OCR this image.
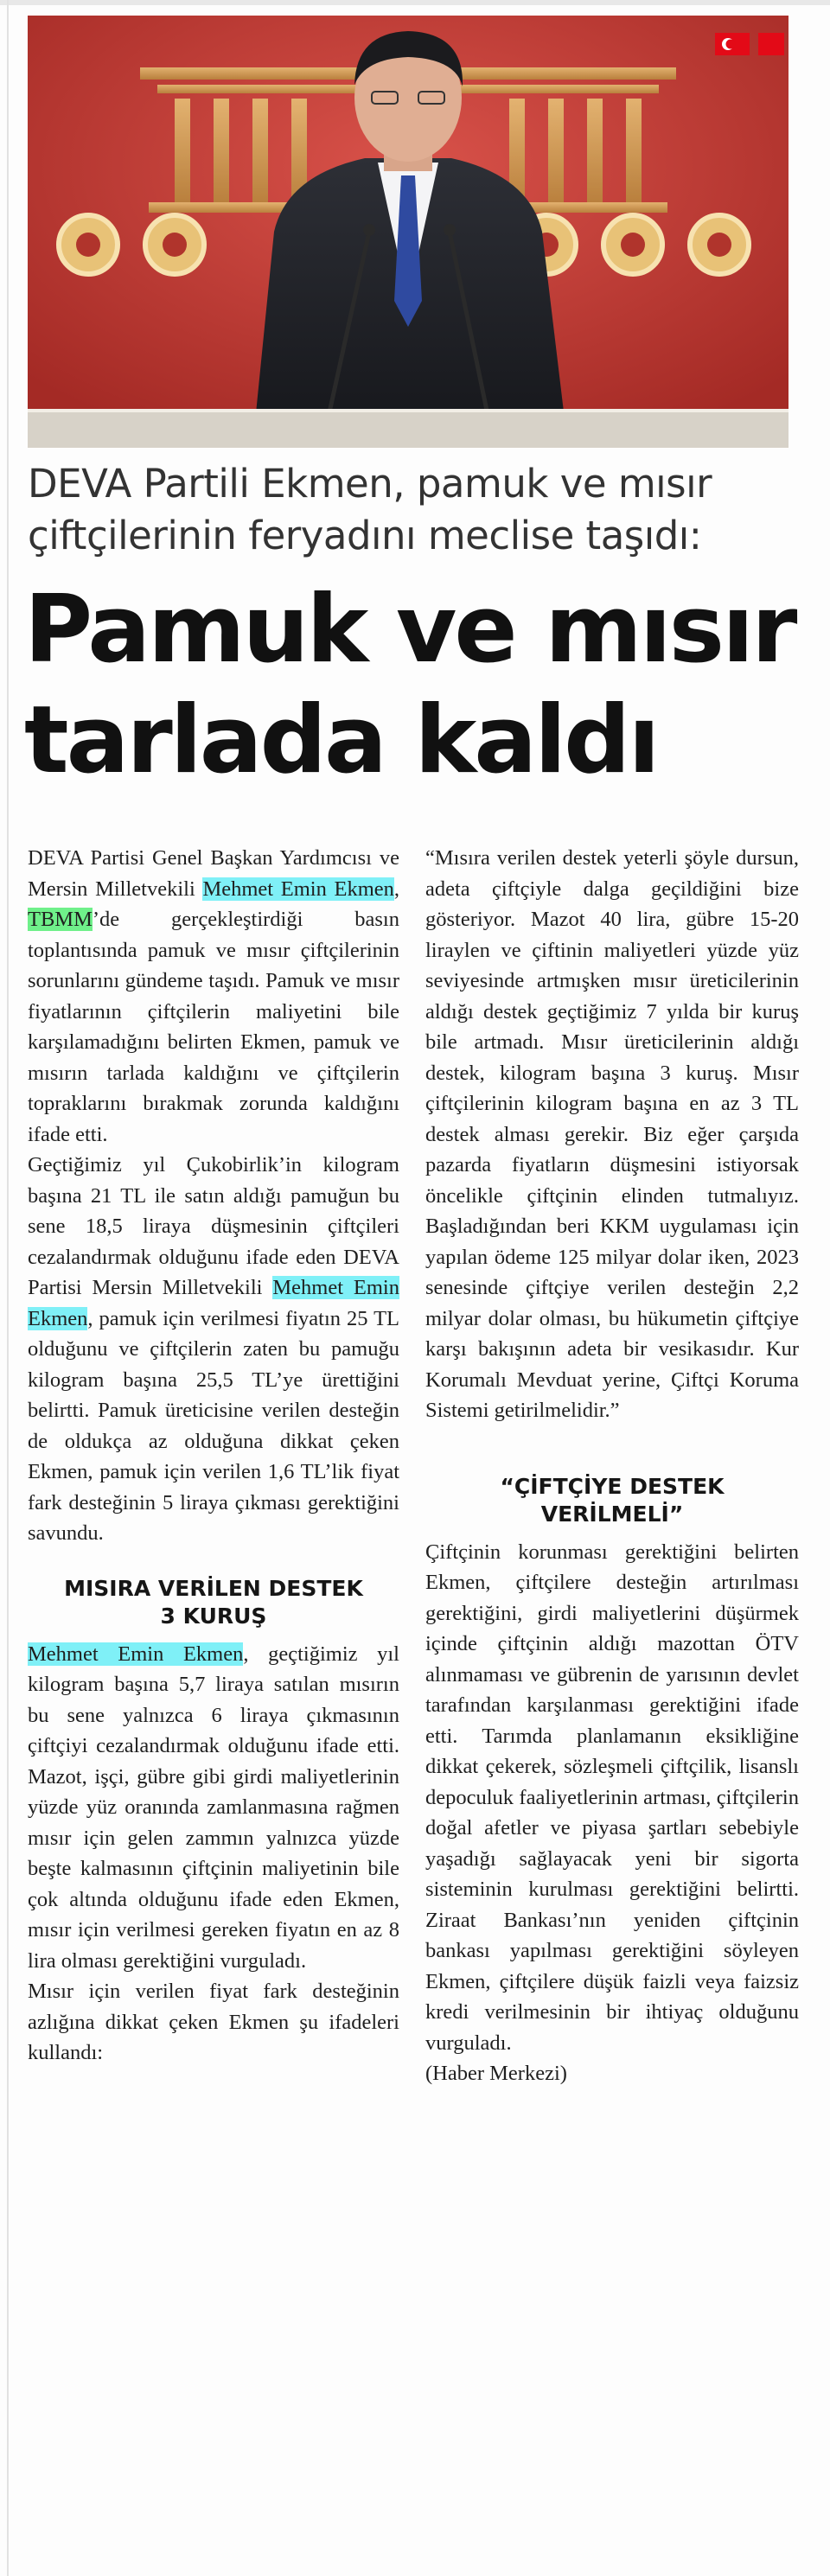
DEVA Partili Ekmen, pamuk ve mısır
çiftçilerinin feryadını meclise taşıdı:
Pamuk ve mısır
tarlada kaldı

DEVA Partisi Genel Başkan Yardımcısı ve Mersin Milletvekili Mehmet Emin Ekmen, TBMM’de gerçekleştirdiği basın toplantısında pamuk ve mısır çiftçilerinin sorunlarını gündeme taşıdı. Pamuk ve mısır fiyatlarının çiftçilerin maliyetini bile karşılamadığını belirten Ekmen, pamuk ve mısırın tarlada kaldığını ve çiftçilerin topraklarını bırakmak zorunda kaldığını ifade etti.

Geçtiğimiz yıl Çukobirlik’in kilogram başına 21 TL ile satın aldığı pamuğun bu sene 18,5 liraya düşmesinin çiftçileri cezalandırmak olduğunu ifade eden DEVA Partisi Mersin Milletvekili Mehmet Emin Ekmen, pamuk için verilmesi fiyatın 25 TL olduğunu ve çiftçilerin zaten bu pamuğu kilogram başına 25,5 TL’ye ürettiğini belirtti. Pamuk üreticisine verilen desteğin de oldukça az olduğuna dikkat çeken Ekmen, pamuk için verilen 1,6 TL’lik fiyat fark desteğinin 5 liraya çıkması gerektiğini savundu.

MISIRA VERİLEN DESTEK
3 KURUŞ

Mehmet Emin Ekmen, geçtiğimiz yıl kilogram başına 5,7 liraya satılan mısırın bu sene yalnızca 6 liraya çıkmasının çiftçiyi cezalandırmak olduğunu ifade etti. Mazot, işçi, gübre gibi girdi maliyetlerinin yüzde yüz oranında zamlanmasına rağmen mısır için gelen zammın yalnızca yüzde beşte kalmasının çiftçinin maliyetinin bile çok altında olduğunu ifade eden Ekmen, mısır için verilmesi gereken fiyatın en az 8 lira olması gerektiğini vurguladı.

Mısır için verilen fiyat fark desteğinin azlığına dikkat çeken Ekmen şu ifadeleri kullandı:

“Mısıra verilen destek yeterli şöyle dursun, adeta çiftçiyle dalga geçildiğini bize gösteriyor. Mazot 40 lira, gübre 15-20 liraylen ve çiftinin maliyetleri yüzde yüz seviyesinde artmışken mısır üreticilerinin aldığı destek geçtiğimiz 7 yılda bir kuruş bile artmadı. Mısır üreticilerinin aldığı destek, kilogram başına 3 kuruş. Mısır çiftçilerinin kilogram başına en az 3 TL destek alması gerekir. Biz eğer çarşıda pazarda fiyatların düşmesini istiyorsak öncelikle çiftçinin elinden tutmalıyız. Başladığından beri KKM uygulaması için yapılan ödeme 125 milyar dolar iken, 2023 senesinde çiftçiye verilen desteğin 2,2 milyar dolar olması, bu hükumetin çiftçiye karşı bakışının adeta bir vesikasıdır. Kur Korumalı Mevduat yerine, Çiftçi Koruma Sistemi getirilmelidir.”

“ÇİFTÇİYE DESTEK
VERİLMELİ”

Çiftçinin korunması gerektiğini belirten Ekmen, çiftçilere desteğin artırılması gerektiğini, girdi maliyetlerini düşürmek içinde çiftçinin aldığı mazottan ÖTV alınmaması ve gübrenin de yarısının devlet tarafından karşılanması gerektiğini ifade etti. Tarımda planlamanın eksikliğine dikkat çekerek, sözleşmeli çiftçilik, lisanslı depoculuk faaliyetlerinin artması, çiftçilerin doğal afetler ve piyasa şartları sebebiyle yaşadığı sağlayacak yeni bir sigorta sisteminin kurulması gerektiğini belirtti. Ziraat Bankası’nın yeniden çiftçinin bankası yapılması gerektiğini söyleyen Ekmen, çiftçilere düşük faizli veya faizsiz kredi verilmesinin bir ihtiyaç olduğunu vurguladı.

(Haber Merkezi)
